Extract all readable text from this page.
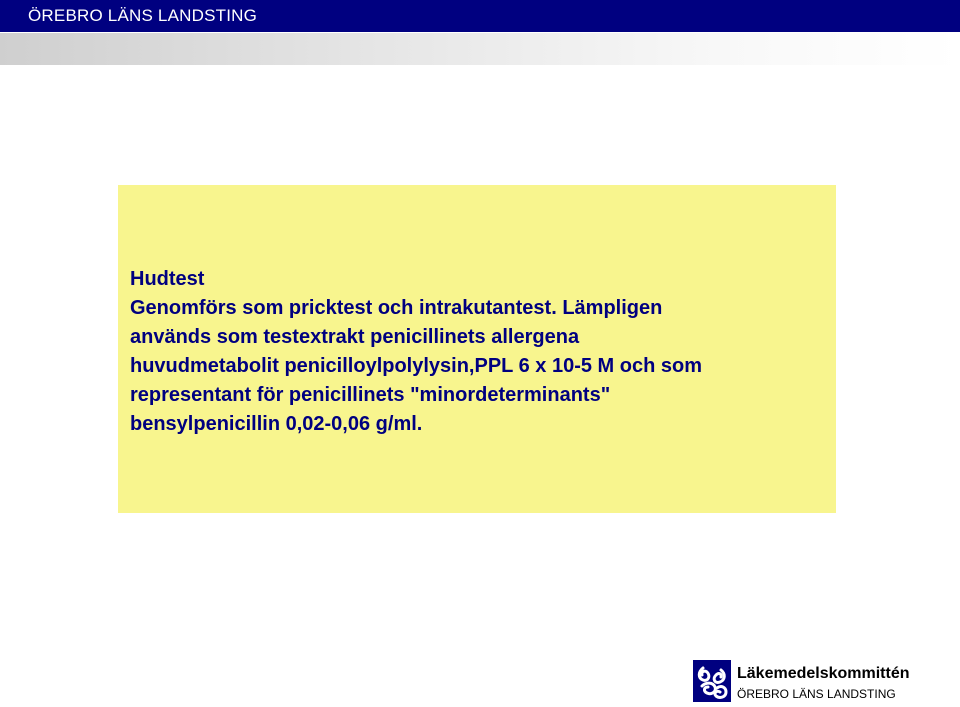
ÖREBRO LÄNS LANDSTING
Hudtest
Genomförs som pricktest och intrakutantest. Lämpligen
används som testextrakt penicillinets allergena
huvudmetabolit penicilloylpolylysin,PPL 6 x 10-5 M och som
representant för penicillinets "minordeterminants"
bensylpenicillin 0,02-0,06 g/ml.
Läkemedelskommittén
ÖREBRO LÄNS LANDSTING
